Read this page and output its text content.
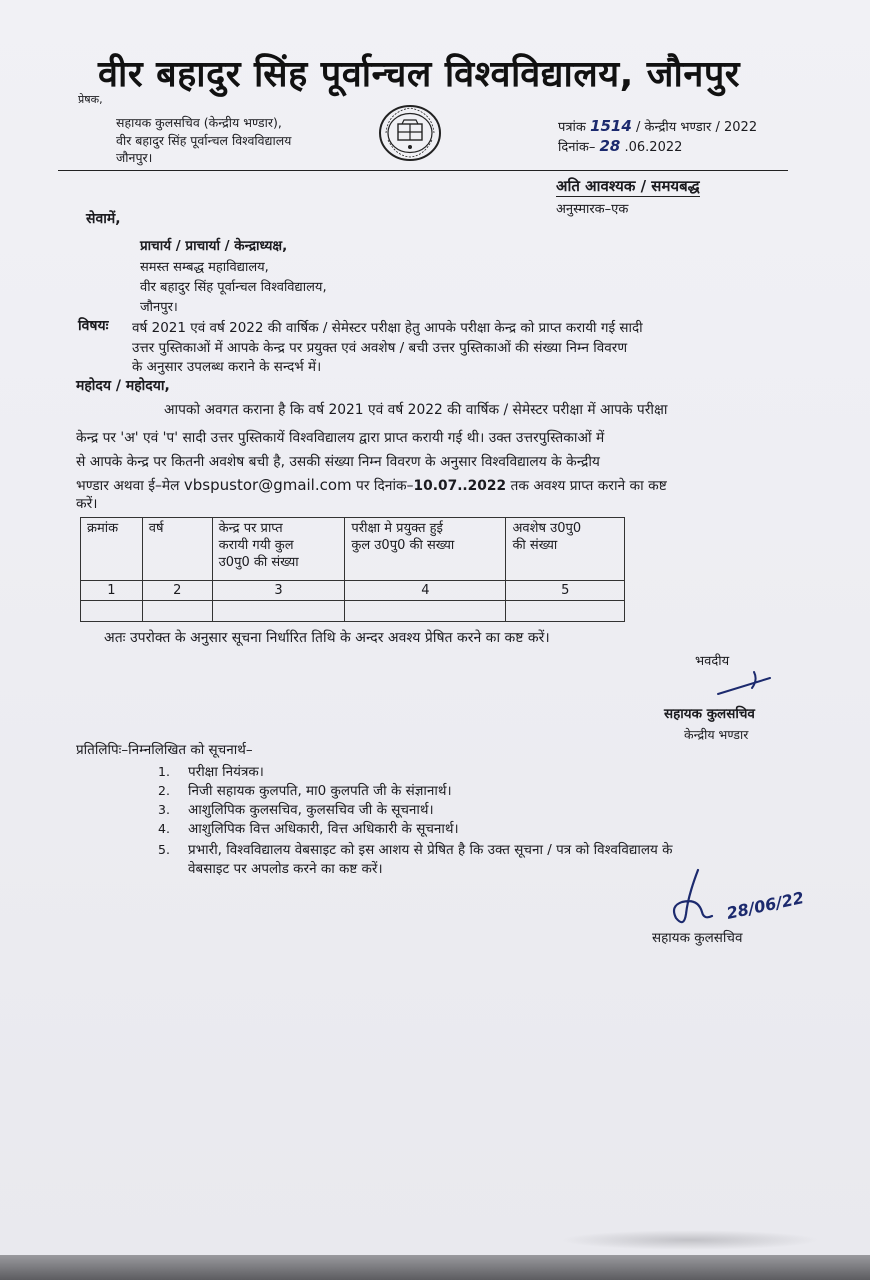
वीर बहादुर सिंह पूर्वान्चल विश्वविद्यालय, जौनपुर
प्रेषक,
सहायक कुलसचिव (केन्द्रीय भण्डार),
वीर बहादुर सिंह पूर्वान्चल विश्वविद्यालय
जौनपुर।
पत्रांक 1514 / केन्द्रीय भण्डार / 2022
दिनांक– 28 .06.2022
अति आवश्यक / समयबद्ध
अनुस्मारक–एक
सेवामें,
प्राचार्य / प्राचार्या / केन्द्राध्यक्ष,
समस्त सम्बद्ध महाविद्यालय,
वीर बहादुर सिंह पूर्वान्चल विश्वविद्यालय,
जौनपुर।
विषयः वर्ष 2021 एवं वर्ष 2022 की वार्षिक / सेमेस्टर परीक्षा हेतु आपके परीक्षा केन्द्र को प्राप्त करायी गई सादी
उत्तर पुस्तिकाओं में आपके केन्द्र पर प्रयुक्त एवं अवशेष / बची उत्तर पुस्तिकाओं की संख्या निम्न विवरण
के अनुसार उपलब्ध कराने के सन्दर्भ में।
महोदय / महोदया,
आपको अवगत कराना है कि वर्ष 2021 एवं वर्ष 2022 की वार्षिक / सेमेस्टर परीक्षा में आपके परीक्षा
केन्द्र पर 'अ' एवं 'प' सादी उत्तर पुस्तिकायें विश्वविद्यालय द्वारा प्राप्त करायी गई थी। उक्त उत्तरपुस्तिकाओं में
से आपके केन्द्र पर कितनी अवशेष बची है, उसकी संख्या निम्न विवरण के अनुसार विश्वविद्यालय के केन्द्रीय
भण्डार अथवा ई–मेल vbspustor@gmail.com पर दिनांक–10.07..2022 तक अवश्य प्राप्त कराने का कष्ट
करें।
क्रमांक	वर्ष	केन्द्र पर प्राप्त
करायी गयी कुल
उ0पु0 की संख्या	परीक्षा मे प्रयुक्त हुई
कुल उ0पु0 की सख्या	अवशेष उ0पु0
की संख्या
1	2	3	4	5

अतः उपरोक्त के अनुसार सूचना निर्धारित तिथि के अन्दर अवश्य प्रेषित करने का कष्ट करें।
भवदीय
सहायक कुलसचिव
केन्द्रीय भण्डार
प्रतिलिपिः–निम्नलिखित को सूचनार्थ–
1. परीक्षा नियंत्रक।
2. निजी सहायक कुलपति, मा0 कुलपति जी के संज्ञानार्थ।
3. आशुलिपिक कुलसचिव, कुलसचिव जी के सूचनार्थ।
4. आशुलिपिक वित्त अधिकारी, वित्त अधिकारी के सूचनार्थ।
5. प्रभारी, विश्वविद्यालय वेबसाइट को इस आशय से प्रेषित है कि उक्त सूचना / पत्र को विश्वविद्यालय के
वेबसाइट पर अपलोड करने का कष्ट करें।
28/06/22
सहायक कुलसचिव
